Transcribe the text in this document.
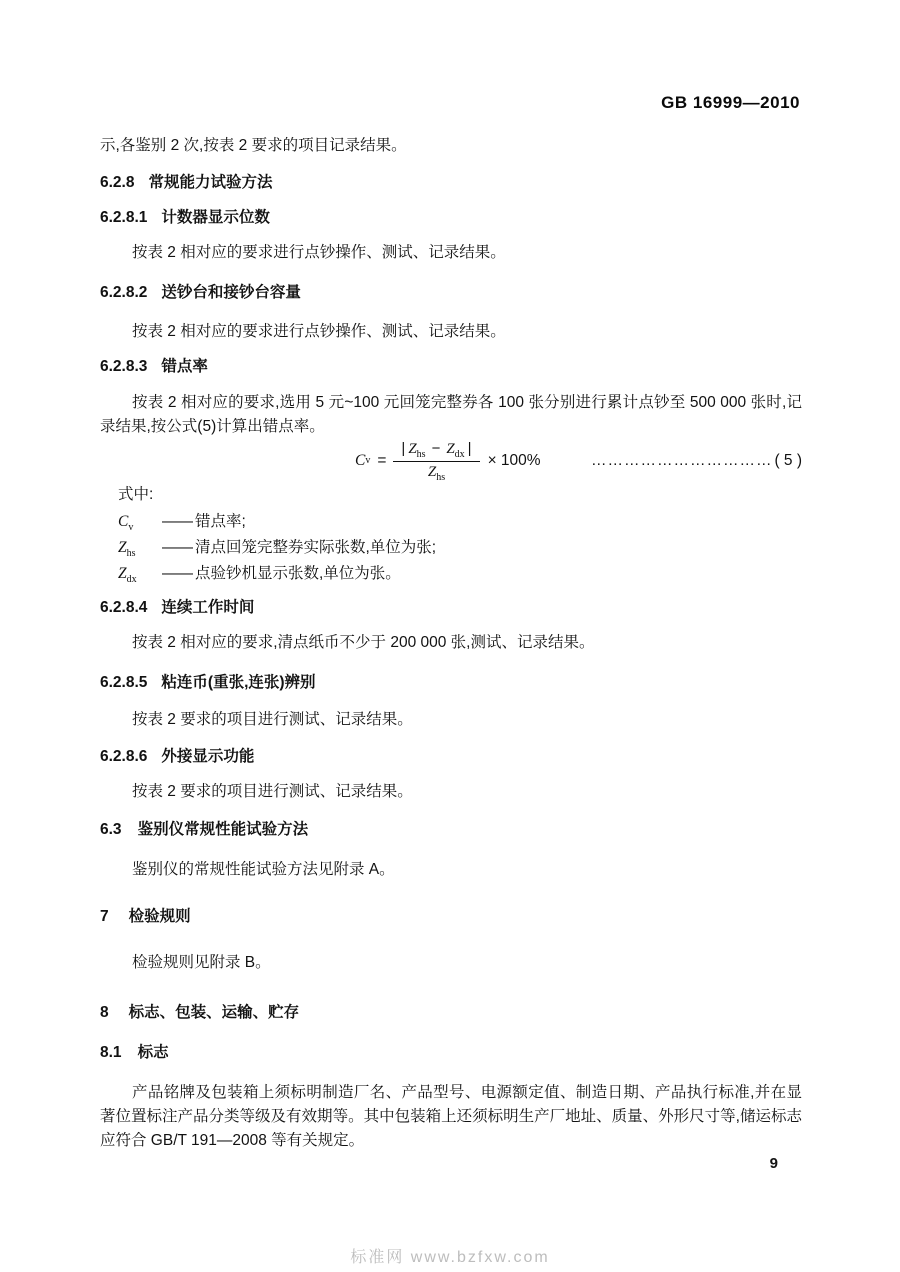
GB 16999—2010

示,各鉴别 2 次,按表 2 要求的项目记录结果。

6.2.8 常规能力试验方法
6.2.8.1 计数器显示位数

按表 2 相对应的要求进行点钞操作、测试、记录结果。

6.2.8.2 送钞台和接钞台容量

按表 2 相对应的要求进行点钞操作、测试、记录结果。

6.2.8.3 错点率

按表 2 相对应的要求,选用 5 元~100 元回笼完整券各 100 张分别进行累计点钞至 500 000 张时,记录结果,按公式(5)计算出错点率。

C $v = \frac{| Z_{hs} - Z_{dx} |}{Z_{hs}} \times 100\%$	…………………………… ( 5 )

式中:

$C_v$	—— 错点率;
$Z_{hs}$	—— 清点回笼完整券实际张数,单位为张;
$Z_{dx}$	—— 点验钞机显示张数,单位为张。
6.2.8.4 连续工作时间

按表 2 相对应的要求,清点纸币不少于 200 000 张,测试、记录结果。

6.2.8.5 粘连币(重张,连张)辨别

按表 2 要求的项目进行测试、记录结果。

6.2.8.6 外接显示功能

按表 2 要求的项目进行测试、记录结果。

6.3 鉴别仪常规性能试验方法

鉴别仪的常规性能试验方法见附录 A。

7 检验规则

检验规则见附录 B。

8 标志、包装、运输、贮存
8.1 标志

产品铭牌及包装箱上须标明制造厂名、产品型号、电源额定值、制造日期、产品执行标准,并在显著位置标注产品分类等级及有效期等。其中包装箱上还须标明生产厂地址、质量、外形尺寸等,储运标志应符合 GB/T 191—2008 等有关规定。

9
标准网 www.bzfxw.com
